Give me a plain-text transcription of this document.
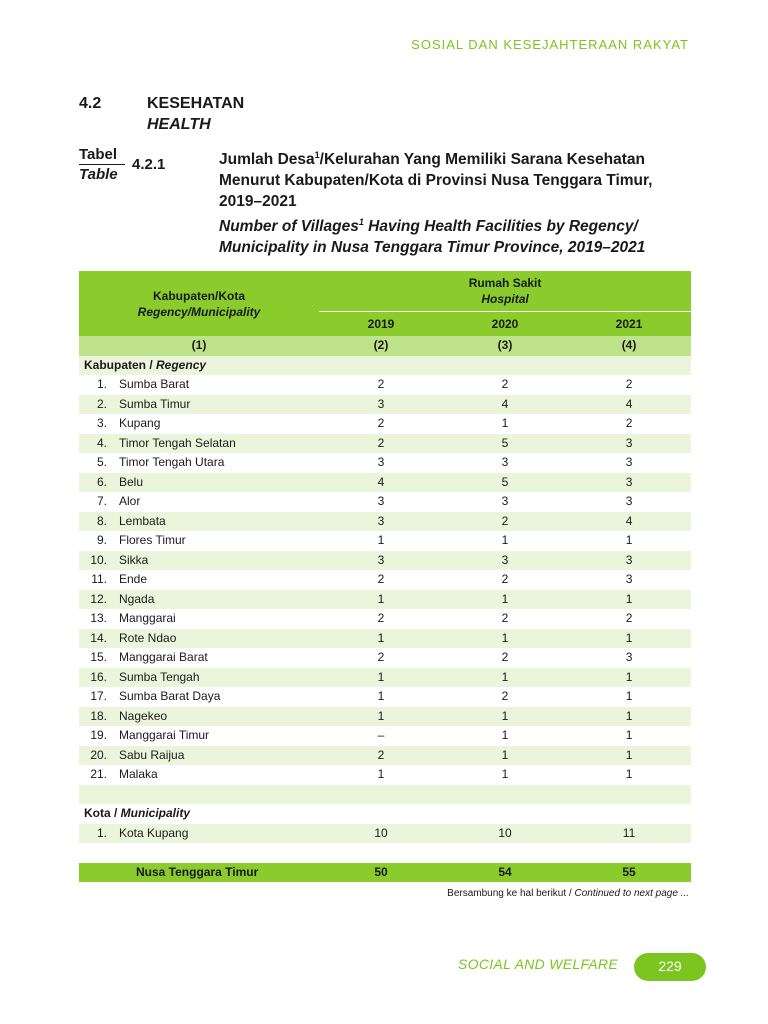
SOSIAL DAN KESEJAHTERAAN RAKYAT
4.2	KESEHATAN
HEALTH
Tabel
Table
4.2.1	Jumlah Desa$^1$/Kelurahan Yang Memiliki Sarana Kesehatan Menurut Kabupaten/Kota di Provinsi Nusa Tenggara Timur, 2019–2021
Number of Villages$^1$ Having Health Facilities by Regency/ Municipality in Nusa Tenggara Timur Province, 2019–2021
Kabupaten/Kota
Regency/Municipality		Rumah Sakit
Hospital		
		2019	2020	2021
(1)		(2)	(3)	(4)
Kabupaten / Regency				
1.	Sumba Barat	2	2	2
2.	Sumba Timur	3	4	4
3.	Kupang	2	1	2
4.	Timor Tengah Selatan	2	5	3
5.	Timor Tengah Utara	3	3	3
6.	Belu	4	5	3
7.	Alor	3	3	3
8.	Lembata	3	2	4
9.	Flores Timur	1	1	1
10.	Sikka	3	3	3
11.	Ende	2	2	3
12.	Ngada	1	1	1
13.	Manggarai	2	2	2
14.	Rote Ndao	1	1	1
15.	Manggarai Barat	2	2	3
16.	Sumba Tengah	1	1	1
17.	Sumba Barat Daya	1	2	1
18.	Nagekeo	1	1	1
19.	Manggarai Timur	–	1	1
20.	Sabu Raijua	2	1	1
21.	Malaka	1	1	1

Kota / Municipality				
1.	Kota Kupang	10	10	11

Nusa Tenggara Timur		50	54	55
Bersambung ke hal berikut / Continued to next page ...
SOCIAL AND WELFARE	229
